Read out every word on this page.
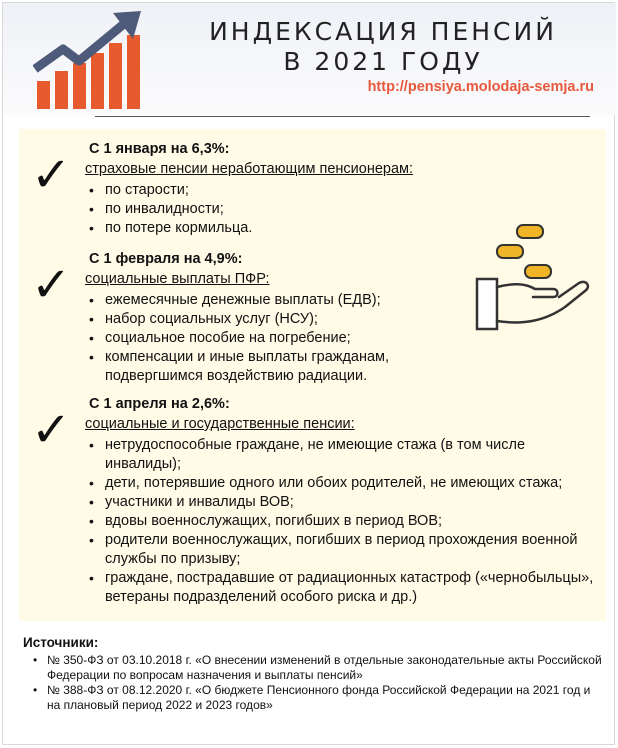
ИНДЕКСАЦИЯ ПЕНСИЙ
В 2021 ГОДУ
http://pensiya.molodaja-semja.ru
✓ С 1 января на 6,3%:
страховые пенсии неработающим пенсионерам:
• по старости;
• по инвалидности;
• по потере кормильца.
✓ С 1 февраля на 4,9%:
социальные выплаты ПФР:
• ежемесячные денежные выплаты (ЕДВ);
• набор социальных услуг (НСУ);
• социальное пособие на погребение;
• компенсации и иные выплаты гражданам, подвергшимся воздействию радиации.
✓ С 1 апреля на 2,6%:
социальные и государственные пенсии:
• нетрудоспособные граждане, не имеющие стажа (в том числе инвалиды);
• дети, потерявшие одного или обоих родителей, не имеющих стажа;
• участники и инвалиды ВОВ;
• вдовы военнослужащих, погибших в период ВОВ;
• родители военнослужащих, погибших в период прохождения военной службы по призыву;
• граждане, пострадавшие от радиационных катастроф («чернобыльцы», ветераны подразделений особого риска и др.)
Источники:
• № 350-ФЗ от 03.10.2018 г. «О внесении изменений в отдельные законодательные акты Российской Федерации по вопросам назначения и выплаты пенсий»
• № 388-ФЗ от 08.12.2020 г. «О бюджете Пенсионного фонда Российской Федерации на 2021 год и на плановый период 2022 и 2023 годов»
